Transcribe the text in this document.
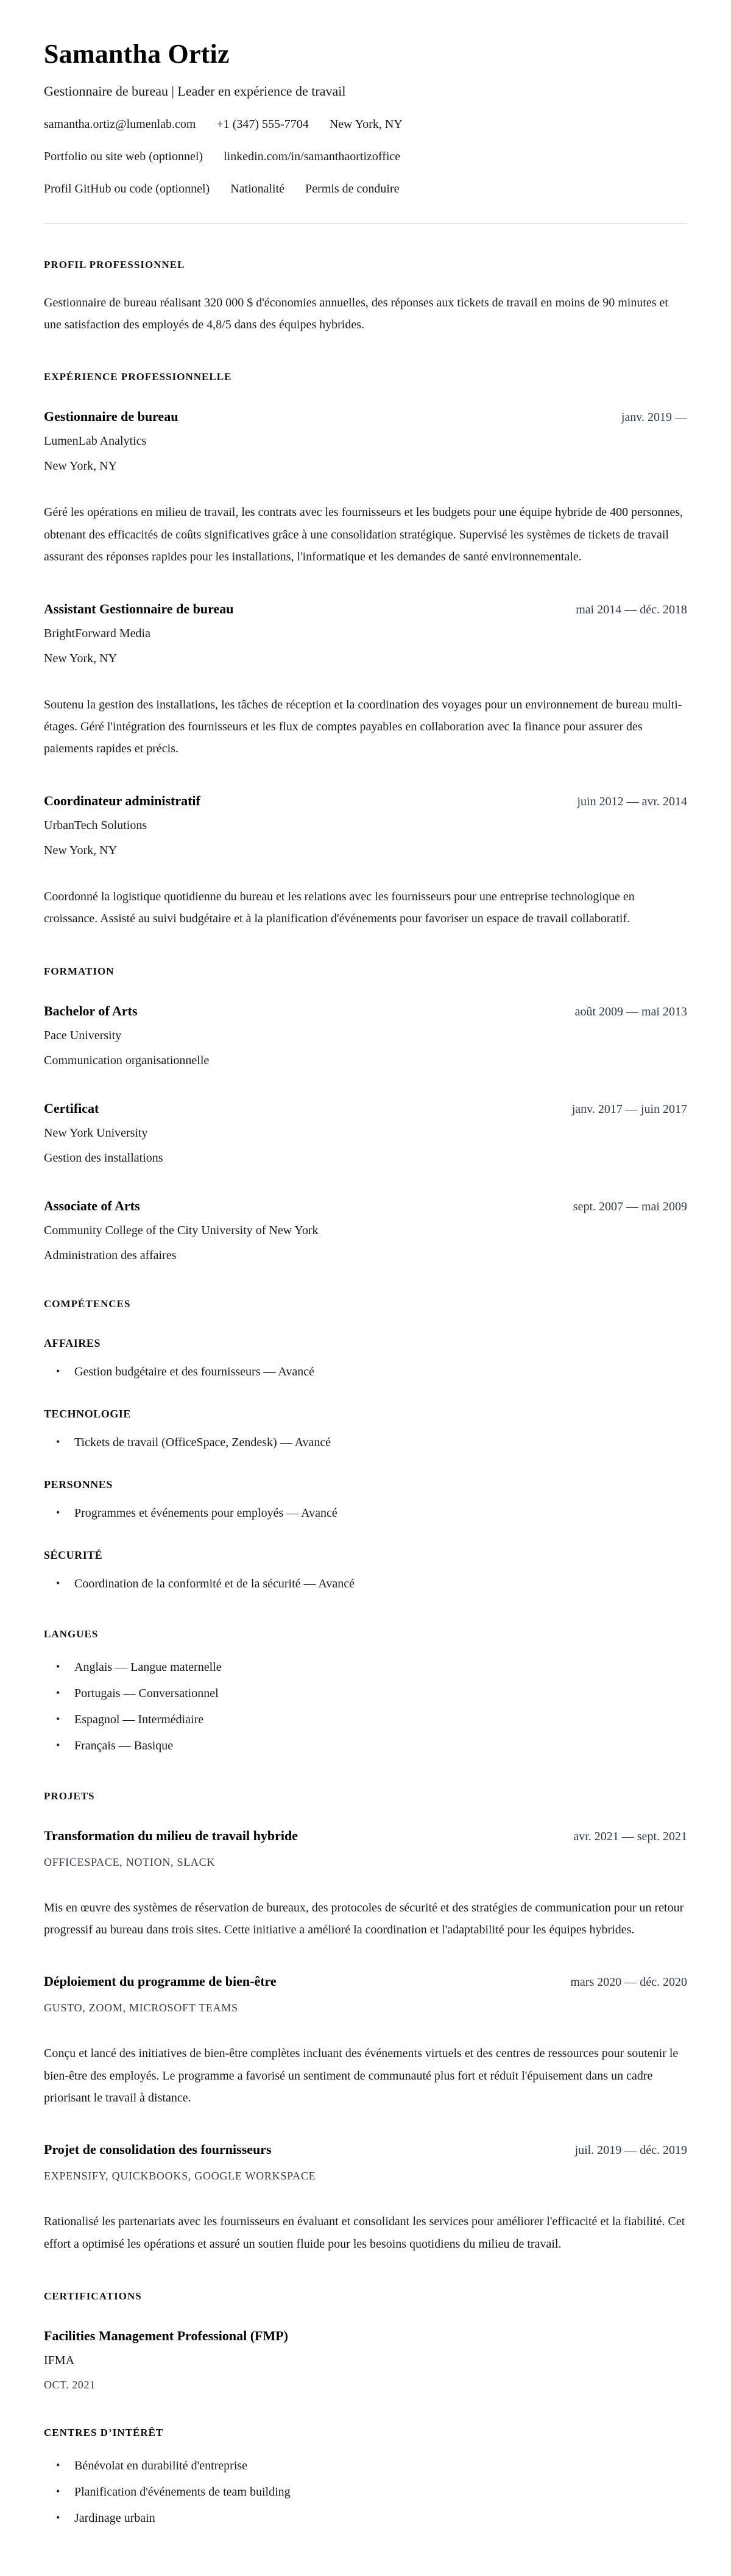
Samantha Ortiz
Gestionnaire de bureau | Leader en expérience de travail
samantha.ortiz@lumenlab.com +1 (347) 555-7704 New York, NY
Portfolio ou site web (optionnel) linkedin.com/in/samanthaortizoffice
Profil GitHub ou code (optionnel) Nationalité Permis de conduire
PROFIL PROFESSIONNEL

Gestionnaire de bureau réalisant 320 000 $ d'économies annuelles, des réponses aux tickets de travail en moins de 90 minutes et une satisfaction des employés de 4,8/5 dans des équipes hybrides.

EXPÉRIENCE PROFESSIONNELLE
Gestionnaire de bureau	janv. 2019 —
LumenLab Analytics
New York, NY

Géré les opérations en milieu de travail, les contrats avec les fournisseurs et les budgets pour une équipe hybride de 400 personnes, obtenant des efficacités de coûts significatives grâce à une consolidation stratégique. Supervisé les systèmes de tickets de travail assurant des réponses rapides pour les installations, l'informatique et les demandes de santé environnementale.

Assistant Gestionnaire de bureau	mai 2014 — déc. 2018
BrightForward Media
New York, NY

Soutenu la gestion des installations, les tâches de réception et la coordination des voyages pour un environnement de bureau multi-étages. Géré l'intégration des fournisseurs et les flux de comptes payables en collaboration avec la finance pour assurer des paiements rapides et précis.

Coordinateur administratif	juin 2012 — avr. 2014
UrbanTech Solutions
New York, NY

Coordonné la logistique quotidienne du bureau et les relations avec les fournisseurs pour une entreprise technologique en croissance. Assisté au suivi budgétaire et à la planification d'événements pour favoriser un espace de travail collaboratif.

FORMATION
Bachelor of Arts	août 2009 — mai 2013
Pace University
Communication organisationnelle
Certificat	janv. 2017 — juin 2017
New York University
Gestion des installations
Associate of Arts	sept. 2007 — mai 2009
Community College of the City University of New York
Administration des affaires
COMPÉTENCES
AFFAIRES
• Gestion budgétaire et des fournisseurs — Avancé
TECHNOLOGIE
• Tickets de travail (OfficeSpace, Zendesk) — Avancé
PERSONNES
• Programmes et événements pour employés — Avancé
SÉCURITÉ
• Coordination de la conformité et de la sécurité — Avancé
LANGUES
• Anglais — Langue maternelle
• Portugais — Conversationnel
• Espagnol — Intermédiaire
• Français — Basique
PROJETS
Transformation du milieu de travail hybride	avr. 2021 — sept. 2021
OFFICESPACE, NOTION, SLACK

Mis en œuvre des systèmes de réservation de bureaux, des protocoles de sécurité et des stratégies de communication pour un retour progressif au bureau dans trois sites. Cette initiative a amélioré la coordination et l'adaptabilité pour les équipes hybrides.

Déploiement du programme de bien-être	mars 2020 — déc. 2020
GUSTO, ZOOM, MICROSOFT TEAMS

Conçu et lancé des initiatives de bien-être complètes incluant des événements virtuels et des centres de ressources pour soutenir le bien-être des employés. Le programme a favorisé un sentiment de communauté plus fort et réduit l'épuisement dans un cadre priorisant le travail à distance.

Projet de consolidation des fournisseurs	juil. 2019 — déc. 2019
EXPENSIFY, QUICKBOOKS, GOOGLE WORKSPACE

Rationalisé les partenariats avec les fournisseurs en évaluant et consolidant les services pour améliorer l'efficacité et la fiabilité. Cet effort a optimisé les opérations et assuré un soutien fluide pour les besoins quotidiens du milieu de travail.

CERTIFICATIONS
Facilities Management Professional (FMP)
IFMA
OCT. 2021
CENTRES D’INTÉRÊT
• Bénévolat en durabilité d'entreprise
• Planification d'événements de team building
• Jardinage urbain
